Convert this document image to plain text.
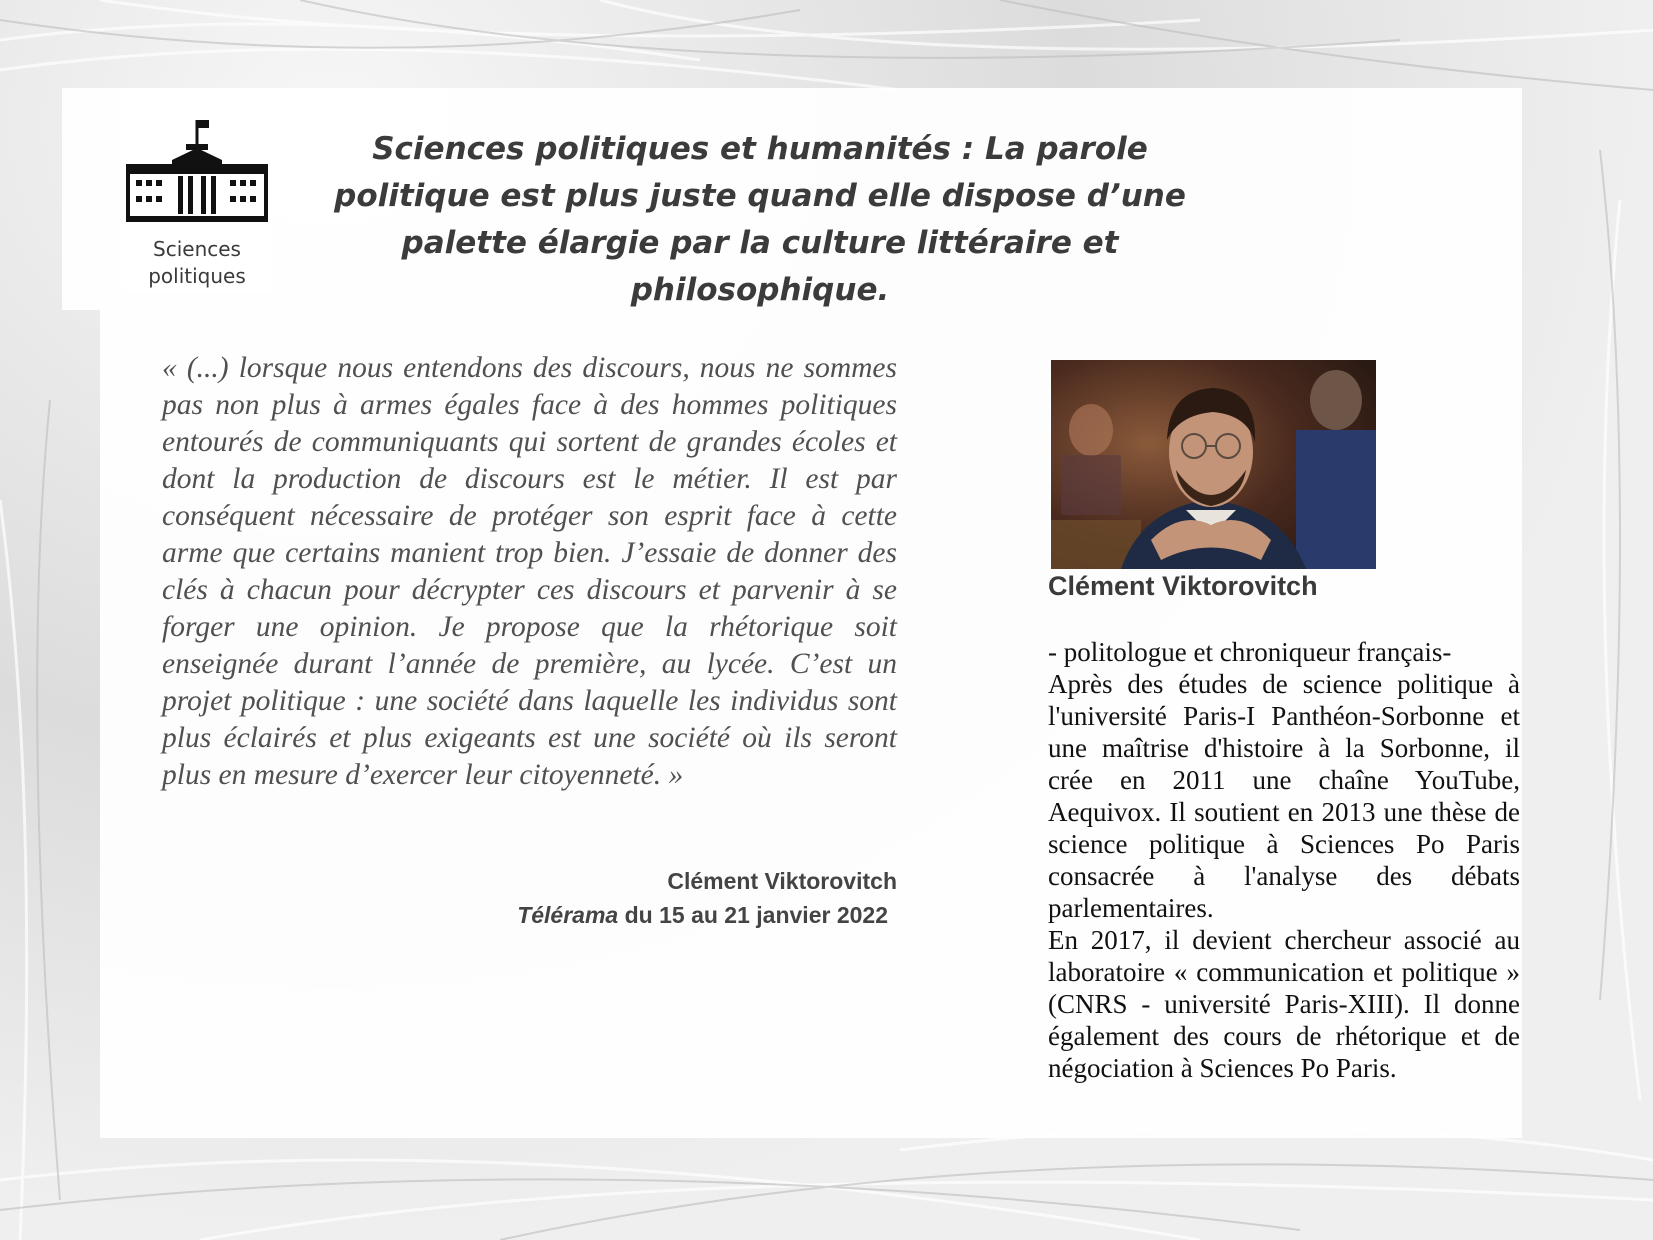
Sciences
politiques
Sciences politiques et humanités : La parole politique est plus juste quand elle dispose d’une palette élargie par la culture littéraire et philosophique.

« (...) lorsque nous entendons des discours, nous ne sommes pas non plus à armes égales face à des hommes politiques entourés de communiquants qui sortent de grandes écoles et dont la production de discours est le métier. Il est par conséquent nécessaire de protéger son esprit face à cette arme que certains manient trop bien. J’essaie de donner des clés à chacun pour décrypter ces discours et parvenir à se forger une opinion. Je propose que la rhétorique soit enseignée durant l’année de première, au lycée. C’est un projet politique : une société dans laquelle les individus sont plus éclairés et plus exigeants est une société où ils seront plus en mesure d’exercer leur citoyenneté. »

Clément Viktorovitch
Télérama du 15 au 21 janvier 2022
Clément Viktorovitch
- politologue et chroniqueur français-
Après des études de science politique à l'université Paris-I Panthéon-Sorbonne et une maîtrise d'histoire à la Sorbonne, il crée en 2011 une chaîne YouTube, Aequivox. Il soutient en 2013 une thèse de science politique à Sciences Po Paris consacrée à l'analyse des débats parlementaires.
En 2017, il devient chercheur associé au laboratoire « communication et politique » (CNRS - université Paris-XIII). Il donne également des cours de rhétorique et de négociation à Sciences Po Paris.
